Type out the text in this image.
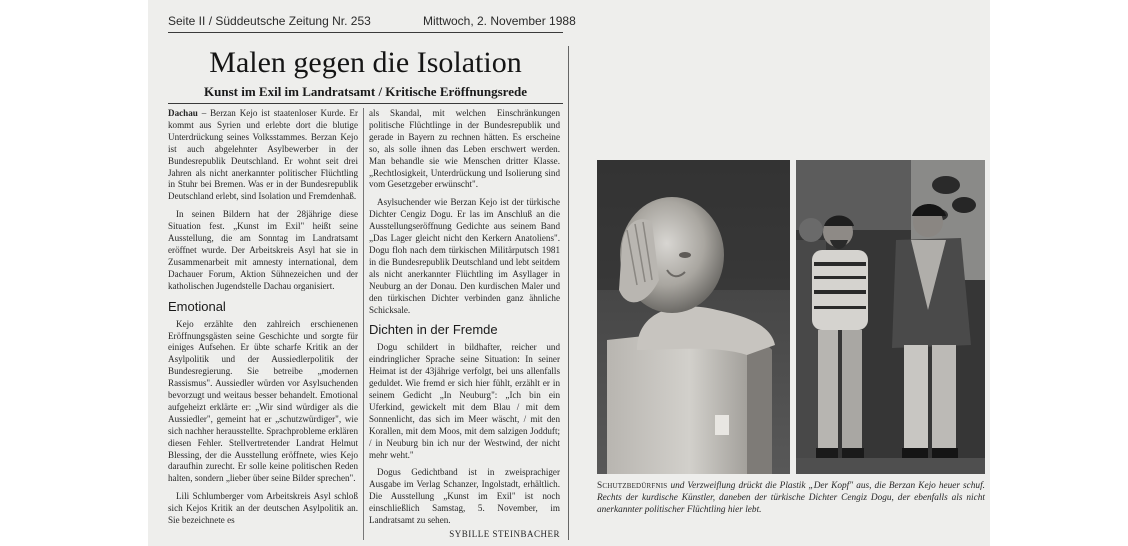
Seite II / Süddeutsche Zeitung Nr. 253	Mittwoch, 2. November 1988
Malen gegen die Isolation
Kunst im Exil im Landratsamt / Kritische Eröffnungsrede

Dachau – Berzan Kejo ist staatenloser Kurde. Er kommt aus Syrien und erlebte dort die blutige Unterdrückung seines Volksstammes. Berzan Kejo ist auch abgelehnter Asylbewerber in der Bundesrepublik Deutschland. Er wohnt seit drei Jahren als nicht anerkannter politischer Flüchtling in Stuhr bei Bremen. Was er in der Bundesrepublik Deutschland erlebt, sind Isolation und Fremdenhaß.

In seinen Bildern hat der 28jährige diese Situation fest. „Kunst im Exil" heißt seine Ausstellung, die am Sonntag im Landratsamt eröffnet wurde. Der Arbeitskreis Asyl hat sie in Zusammenarbeit mit amnesty international, dem Dachauer Forum, Aktion Sühnezeichen und der katholischen Jugendstelle Dachau organisiert.

Emotional

Kejo erzählte den zahlreich erschienenen Eröffnungsgästen seine Geschichte und sorgte für einiges Aufsehen. Er übte scharfe Kritik an der Asylpolitik und der Aussiedlerpolitik der Bundesregierung. Sie betreibe „modernen Rassismus". Aussiedler würden vor Asylsuchenden bevorzugt und weitaus besser behandelt. Emotional aufgeheizt erklärte er: „Wir sind würdiger als die Aussiedler", gemeint hat er „schutzwürdiger", wie sich nachher herausstellte. Sprachprobleme erklären diesen Fehler. Stellvertretender Landrat Helmut Blessing, der die Ausstellung eröffnete, wies Kejo daraufhin zurecht. Er solle keine politischen Reden halten, sondern „lieber über seine Bilder sprechen".

Lili Schlumberger vom Arbeitskreis Asyl schloß sich Kejos Kritik an der deutschen Asylpolitik an. Sie bezeichnete es

als Skandal, mit welchen Einschränkungen politische Flüchtlinge in der Bundesrepublik und gerade in Bayern zu rechnen hätten. Es erscheine so, als solle ihnen das Leben erschwert werden. Man behandle sie wie Menschen dritter Klasse. „Rechtlosigkeit, Unterdrückung und Isolierung sind vom Gesetzgeber erwünscht".

Asylsuchender wie Berzan Kejo ist der türkische Dichter Cengiz Dogu. Er las im Anschluß an die Ausstellungseröffnung Gedichte aus seinem Band „Das Lager gleicht nicht den Kerkern Anatoliens". Dogu floh nach dem türkischen Militärputsch 1981 in die Bundesrepublik Deutschland und lebt seitdem als nicht anerkannter Flüchtling im Asyllager in Neuburg an der Donau. Den kurdischen Maler und den türkischen Dichter verbinden ganz ähnliche Schicksale.

Dichten in der Fremde

Dogu schildert in bildhafter, reicher und eindringlicher Sprache seine Situation: In seiner Heimat ist der 43jährige verfolgt, bei uns allenfalls geduldet. Wie fremd er sich hier fühlt, erzählt er in seinem Gedicht „In Neuburg": „Ich bin ein Uferkind, gewickelt mit dem Blau / mit dem Sonnenlicht, das sich im Meer wäscht, / mit den Korallen, mit dem Moos, mit dem salzigen Jodduft; / in Neuburg bin ich nur der Westwind, der nicht mehr weht."

Dogus Gedichtband ist in zweisprachiger Ausgabe im Verlag Schanzer, Ingolstadt, erhältlich. Die Ausstellung „Kunst im Exil" ist noch einschließlich Samstag, 5. November, im Landratsamt zu sehen.

SYBILLE STEINBACHER
Schutzbedürfnis und Verzweiflung drückt die Plastik „Der Kopf" aus, die Berzan Kejo heuer schuf. Rechts der kurdische Künstler, daneben der türkische Dichter Cengiz Dogu, der ebenfalls als nicht anerkannter politischer Flüchtling hier lebt.
